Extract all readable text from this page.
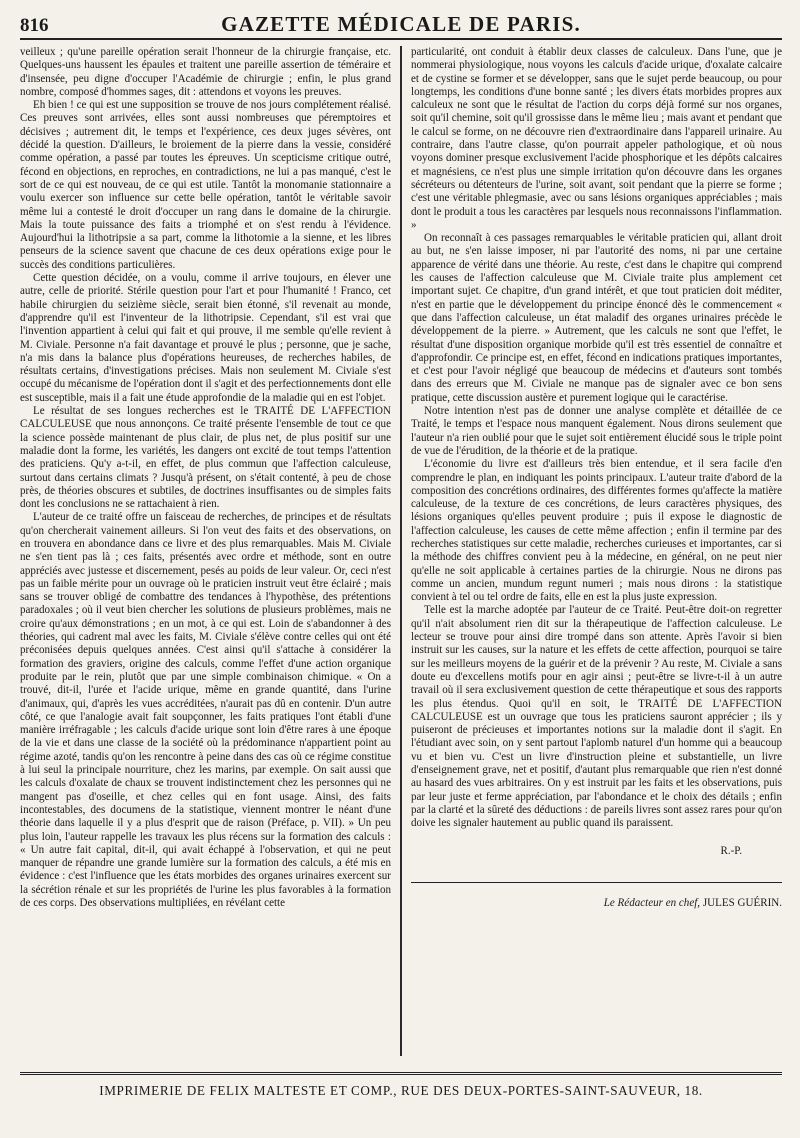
816	GAZETTE MÉDICALE DE PARIS.

veilleux ; qu'une pareille opération serait l'honneur de la chirurgie française, etc. Quelques-uns haussent les épaules et traitent une pareille assertion de téméraire et d'insensée, peu digne d'occuper l'Académie de chirurgie ; enfin, le plus grand nombre, composé d'hommes sages, dit : attendons et voyons les preuves.

Eh bien ! ce qui est une supposition se trouve de nos jours complétement réalisé. Ces preuves sont arrivées, elles sont aussi nombreuses que péremptoires et décisives ; autrement dit, le temps et l'expérience, ces deux juges sévères, ont décidé la question. D'ailleurs, le broiement de la pierre dans la vessie, considéré comme opération, a passé par toutes les épreuves. Un scepticisme critique outré, fécond en objections, en reproches, en contradictions, ne lui a pas manqué, c'est le sort de ce qui est nouveau, de ce qui est utile. Tantôt la monomanie stationnaire a voulu exercer son influence sur cette belle opération, tantôt le véritable savoir même lui a contesté le droit d'occuper un rang dans le domaine de la chirurgie. Mais la toute puissance des faits a triomphé et on s'est rendu à l'évidence. Aujourd'hui la lithotripsie a sa part, comme la lithotomie a la sienne, et les libres penseurs de la science savent que chacune de ces deux opérations exige pour le succès des conditions particulières.

Cette question décidée, on a voulu, comme il arrive toujours, en élever une autre, celle de priorité. Stérile question pour l'art et pour l'humanité ! Franco, cet habile chirurgien du seizième siècle, serait bien étonné, s'il revenait au monde, d'apprendre qu'il est l'inventeur de la lithotripsie. Cependant, s'il est vrai que l'invention appartient à celui qui fait et qui prouve, il me semble qu'elle revient à M. Civiale. Personne n'a fait davantage et prouvé le plus ; personne, que je sache, n'a mis dans la balance plus d'opérations heureuses, de recherches habiles, de résultats certains, d'investigations précises. Mais non seulement M. Civiale s'est occupé du mécanisme de l'opération dont il s'agit et des perfectionnements dont elle est susceptible, mais il a fait une étude approfondie de la maladie qui en est l'objet.

Le résultat de ses longues recherches est le TRAITÉ DE L'AFFECTION CALCULEUSE que nous annonçons. Ce traité présente l'ensemble de tout ce que la science possède maintenant de plus clair, de plus net, de plus positif sur une maladie dont la forme, les variétés, les dangers ont excité de tout temps l'attention des praticiens. Qu'y a-t-il, en effet, de plus commun que l'affection calculeuse, surtout dans certains climats ? Jusqu'à présent, on s'était contenté, à peu de chose près, de théories obscures et subtiles, de doctrines insuffisantes ou de simples faits dont les conclusions ne se rattachaient à rien.

L'auteur de ce traité offre un faisceau de recherches, de principes et de résultats qu'on chercherait vainement ailleurs. Si l'on veut des faits et des observations, on en trouvera en abondance dans ce livre et des plus remarquables. Mais M. Civiale ne s'en tient pas là ; ces faits, présentés avec ordre et méthode, sont en outre appréciés avec justesse et discernement, pesés au poids de leur valeur. Or, ceci n'est pas un faible mérite pour un ouvrage où le praticien instruit veut être éclairé ; mais sans se trouver obligé de combattre des tendances à l'hypothèse, des prétentions paradoxales ; où il veut bien chercher les solutions de plusieurs problèmes, mais ne croire qu'aux démonstrations ; en un mot, à ce qui est. Loin de s'abandonner à des théories, qui cadrent mal avec les faits, M. Civiale s'élève contre celles qui ont été préconisées depuis quelques années. C'est ainsi qu'il s'attache à considérer la formation des graviers, origine des calculs, comme l'effet d'une action organique produite par le rein, plutôt que par une simple combinaison chimique. « On a trouvé, dit-il, l'urée et l'acide urique, même en grande quantité, dans l'urine d'animaux, qui, d'après les vues accréditées, n'aurait pas dû en contenir. D'un autre côté, ce que l'analogie avait fait soupçonner, les faits pratiques l'ont établi d'une manière irréfragable ; les calculs d'acide urique sont loin d'être rares à une époque de la vie et dans une classe de la société où la prédominance n'appartient point au régime azoté, tandis qu'on les rencontre à peine dans des cas où ce régime constitue à lui seul la principale nourriture, chez les marins, par exemple. On sait aussi que les calculs d'oxalate de chaux se trouvent indistinctement chez les personnes qui ne mangent pas d'oseille, et chez celles qui en font usage. Ainsi, des faits incontestables, des documens de la statistique, viennent montrer le néant d'une théorie dans laquelle il y a plus d'esprit que de raison (Préface, p. VII). » Un peu plus loin, l'auteur rappelle les travaux les plus récens sur la formation des calculs : « Un autre fait capital, dit-il, qui avait échappé à l'observation, et qui ne peut manquer de répandre une grande lumière sur la formation des calculs, a été mis en évidence : c'est l'influence que les états morbides des organes urinaires exercent sur la sécrétion rénale et sur les propriétés de l'urine les plus favorables à la formation de ces corps. Des observations multipliées, en révélant cette

particularité, ont conduit à établir deux classes de calculeux. Dans l'une, que je nommerai physiologique, nous voyons les calculs d'acide urique, d'oxalate calcaire et de cystine se former et se développer, sans que le sujet perde beaucoup, ou pour longtemps, les conditions d'une bonne santé ; les divers états morbides propres aux calculeux ne sont que le résultat de l'action du corps déjà formé sur nos organes, soit qu'il chemine, soit qu'il grossisse dans le même lieu ; mais avant et pendant que le calcul se forme, on ne découvre rien d'extraordinaire dans l'appareil urinaire. Au contraire, dans l'autre classe, qu'on pourrait appeler pathologique, et où nous voyons dominer presque exclusivement l'acide phosphorique et les dépôts calcaires et magnésiens, ce n'est plus une simple irritation qu'on découvre dans les organes sécréteurs ou détenteurs de l'urine, soit avant, soit pendant que la pierre se forme ; c'est une véritable phlegmasie, avec ou sans lésions organiques appréciables ; mais dont le produit a tous les caractères par lesquels nous reconnaissons l'inflammation. »

On reconnaît à ces passages remarquables le véritable praticien qui, allant droit au but, ne s'en laisse imposer, ni par l'autorité des noms, ni par une certaine apparence de vérité dans une théorie. Au reste, c'est dans le chapitre qui comprend les causes de l'affection calculeuse que M. Civiale traite plus amplement cet important sujet. Ce chapitre, d'un grand intérêt, et que tout praticien doit méditer, n'est en partie que le développement du principe énoncé dès le commencement « que dans l'affection calculeuse, un état maladif des organes urinaires précède le développement de la pierre. » Autrement, que les calculs ne sont que l'effet, le résultat d'une disposition organique morbide qu'il est très essentiel de connaître et d'approfondir. Ce principe est, en effet, fécond en indications pratiques importantes, et c'est pour l'avoir négligé que beaucoup de médecins et d'auteurs sont tombés dans des erreurs que M. Civiale ne manque pas de signaler avec ce bon sens pratique, cette discussion austère et purement logique qui le caractérise.

Notre intention n'est pas de donner une analyse complète et détaillée de ce Traité, le temps et l'espace nous manquent également. Nous dirons seulement que l'auteur n'a rien oublié pour que le sujet soit entièrement élucidé sous le triple point de vue de l'érudition, de la théorie et de la pratique.

L'économie du livre est d'ailleurs très bien entendue, et il sera facile d'en comprendre le plan, en indiquant les points principaux. L'auteur traite d'abord de la composition des concrétions ordinaires, des différentes formes qu'affecte la matière calculeuse, de la texture de ces concrétions, de leurs caractères physiques, des lésions organiques qu'elles peuvent produire ; puis il expose le diagnostic de l'affection calculeuse, les causes de cette même affection ; enfin il termine par des recherches statistiques sur cette maladie, recherches curieuses et importantes, car si la méthode des chiffres convient peu à la médecine, en général, on ne peut nier qu'elle ne soit applicable à certaines parties de la chirurgie. Nous ne dirons pas comme un ancien, mundum regunt numeri ; mais nous dirons : la statistique convient à tel ou tel ordre de faits, elle en est la plus juste expression.

Telle est la marche adoptée par l'auteur de ce Traité. Peut-être doit-on regretter qu'il n'ait absolument rien dit sur la thérapeutique de l'affection calculeuse. Le lecteur se trouve pour ainsi dire trompé dans son attente. Après l'avoir si bien instruit sur les causes, sur la nature et les effets de cette affection, pourquoi se taire sur les meilleurs moyens de la guérir et de la prévenir ? Au reste, M. Civiale a sans doute eu d'excellens motifs pour en agir ainsi ; peut-être se livre-t-il à un autre travail où il sera exclusivement question de cette thérapeutique et sous des rapports les plus étendus. Quoi qu'il en soit, le TRAITÉ DE L'AFFECTION CALCULEUSE est un ouvrage que tous les praticiens sauront apprécier ; ils y puiseront de précieuses et importantes notions sur la maladie dont il s'agit. En l'étudiant avec soin, on y sent partout l'aplomb naturel d'un homme qui a beaucoup vu et bien vu. C'est un livre d'instruction pleine et substantielle, un livre d'enseignement grave, net et positif, d'autant plus remarquable que rien n'est donné au hasard des vues arbitraires. On y est instruit par les faits et les observations, puis par leur juste et ferme appréciation, par l'abondance et le choix des détails ; enfin par la clarté et la sûreté des déductions : de pareils livres sont assez rares pour qu'on doive les signaler hautement au public quand ils paraissent.

R.-P.

Le Rédacteur en chef, JULES GUÉRIN.

IMPRIMERIE DE FELIX MALTESTE ET COMP., RUE DES DEUX-PORTES-SAINT-SAUVEUR, 18.
